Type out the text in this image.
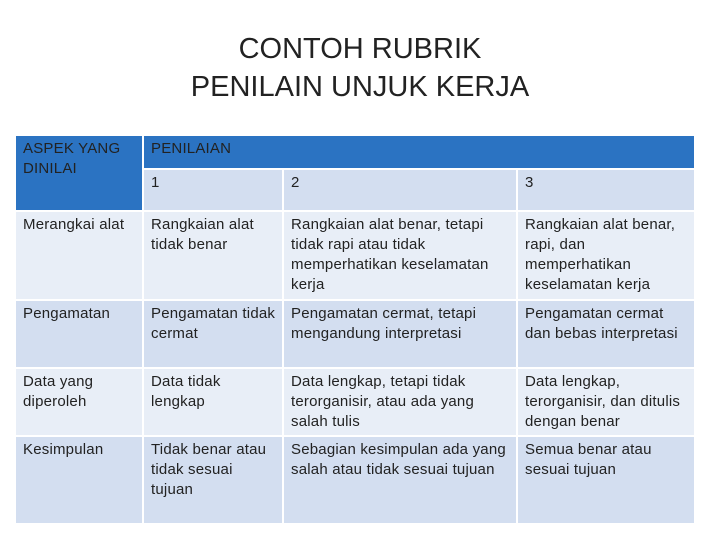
CONTOH RUBRIK
PENILAIN UNJUK KERJA
ASPEK YANG DINILAI	PENILAIAN		
	1	2	3
Merangkai alat	Rangkaian alat tidak benar	Rangkaian alat benar, tetapi tidak rapi atau tidak memperhatikan keselamatan kerja	Rangkaian alat benar, rapi, dan memperhatikan keselamatan kerja
Pengamatan	Pengamatan tidak cermat	Pengamatan cermat, tetapi mengandung interpretasi	Pengamatan cermat dan bebas interpretasi
Data yang diperoleh	Data tidak lengkap	Data lengkap, tetapi tidak terorganisir, atau ada yang salah tulis	Data lengkap, terorganisir, dan ditulis dengan benar
Kesimpulan	Tidak benar atau tidak sesuai tujuan	Sebagian kesimpulan ada yang salah atau tidak sesuai tujuan	Semua benar atau sesuai tujuan
